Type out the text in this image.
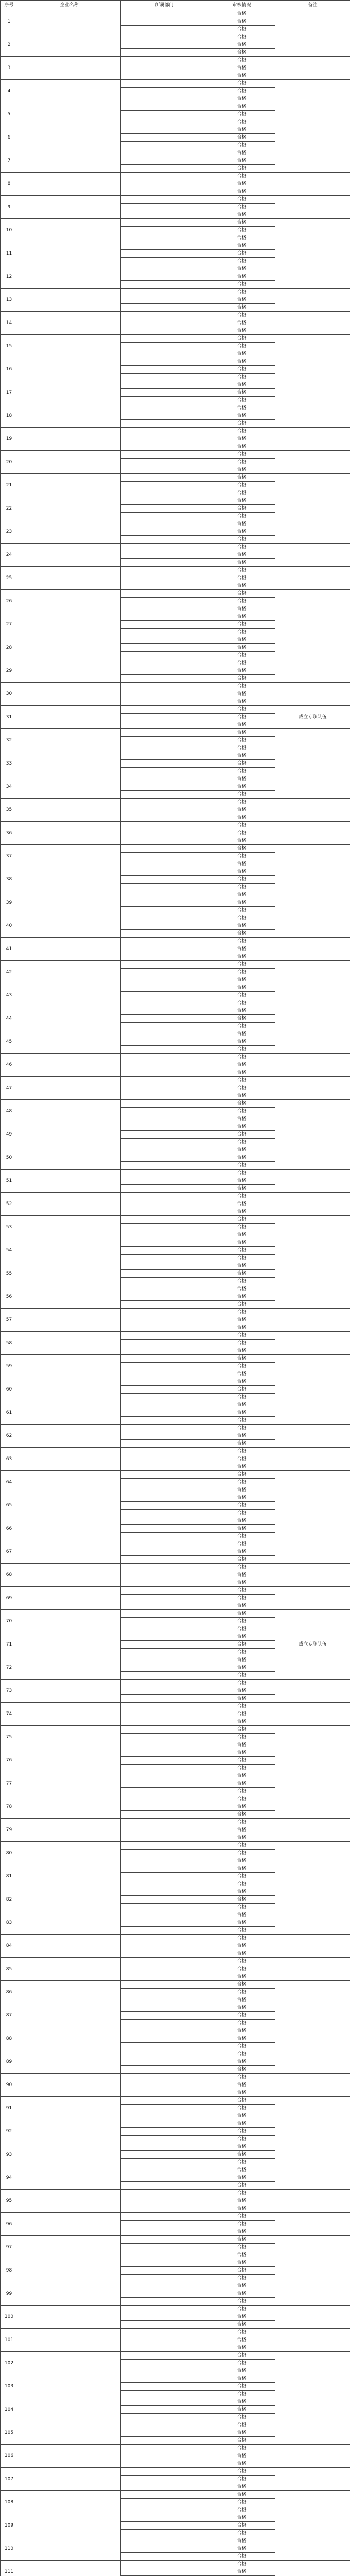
序号	企业名称	所属部门	审核情况	备注
1			合格	
			合格	
			合格	
2			合格	
			合格	
			合格	
3			合格	
			合格	
			合格	
4			合格	
			合格	
			合格	
5			合格	
			合格	
			合格	
6			合格	
			合格	
			合格	
7			合格	
			合格	
			合格	
8			合格	
			合格	
			合格	
9			合格	
			合格	
			合格	
10			合格	
			合格	
			合格	
11			合格	
			合格	
			合格	
12			合格	
			合格	
			合格	
13			合格	
			合格	
			合格	
14			合格	
			合格	
			合格	
15			合格	
			合格	
			合格	
16			合格	
			合格	
			合格	
17			合格	
			合格	
			合格	
18			合格	
			合格	
			合格	
19			合格	
			合格	
			合格	
20			合格	
			合格	
			合格	
21			合格	
			合格	
			合格	
22			合格	
			合格	
			合格	
23			合格	
			合格	
			合格	
24			合格	
			合格	
			合格	
25			合格	
			合格	
			合格	
26			合格	
			合格	
			合格	
27			合格	
			合格	
			合格	
28			合格	
			合格	
			合格	
29			合格	
			合格	
			合格	
30			合格	
			合格	
			合格	
31			合格	成立专职队伍
			合格	
			合格	
32			合格	
			合格	
			合格	
33			合格	
			合格	
			合格	
34			合格	
			合格	
			合格	
35			合格	
			合格	
			合格	
36			合格	
			合格	
			合格	
37			合格	
			合格	
			合格	
38			合格	
			合格	
			合格	
39			合格	
			合格	
			合格	
40			合格	
			合格	
			合格	
41			合格	
			合格	
			合格	
42			合格	
			合格	
			合格	
43			合格	
			合格	
			合格	
44			合格	
			合格	
			合格	
45			合格	
			合格	
			合格	
46			合格	
			合格	
			合格	
47			合格	
			合格	
			合格	
48			合格	
			合格	
			合格	
49			合格	
			合格	
			合格	
50			合格	
			合格	
			合格	
51			合格	
			合格	
			合格	
52			合格	
			合格	
			合格	
53			合格	
			合格	
			合格	
54			合格	
			合格	
			合格	
55			合格	
			合格	
			合格	
56			合格	
			合格	
			合格	
57			合格	
			合格	
			合格	
58			合格	
			合格	
			合格	
59			合格	
			合格	
			合格	
60			合格	
			合格	
			合格	
61			合格	
			合格	
			合格	
62			合格	
			合格	
			合格	
63			合格	
			合格	
			合格	
64			合格	
			合格	
			合格	
65			合格	
			合格	
			合格	
66			合格	
			合格	
			合格	
67			合格	
			合格	
			合格	
68			合格	
			合格	
			合格	
69			合格	
			合格	
			合格	
70			合格	
			合格	
			合格	
71			合格	成立专职队伍
			合格	
			合格	
72			合格	
			合格	
			合格	
73			合格	
			合格	
			合格	
74			合格	
			合格	
			合格	
75			合格	
			合格	
			合格	
76			合格	
			合格	
			合格	
77			合格	
			合格	
			合格	
78			合格	
			合格	
			合格	
79			合格	
			合格	
			合格	
80			合格	
			合格	
			合格	
81			合格	
			合格	
			合格	
82			合格	
			合格	
			合格	
83			合格	
			合格	
			合格	
84			合格	
			合格	
			合格	
85			合格	
			合格	
			合格	
86			合格	
			合格	
			合格	
87			合格	
			合格	
			合格	
88			合格	
			合格	
			合格	
89			合格	
			合格	
			合格	
90			合格	
			合格	
			合格	
91			合格	
			合格	
			合格	
92			合格	
			合格	
			合格	
93			合格	
			合格	
			合格	
94			合格	
			合格	
			合格	
95			合格	
			合格	
			合格	
96			合格	
			合格	
			合格	
97			合格	
			合格	
			合格	
98			合格	
			合格	
			合格	
99			合格	
			合格	
			合格	
100			合格	
			合格	
			合格	
101			合格	
			合格	
			合格	
102			合格	
			合格	
			合格	
103			合格	
			合格	
			合格	
104			合格	
			合格	
			合格	
105			合格	
			合格	
			合格	
106			合格	
			合格	
			合格	
107			合格	
			合格	
			合格	
108			合格	
			合格	
			合格	
109			合格	
			合格	
			合格	
110			合格	
			合格	
			合格	
111			合格	
			合格	
